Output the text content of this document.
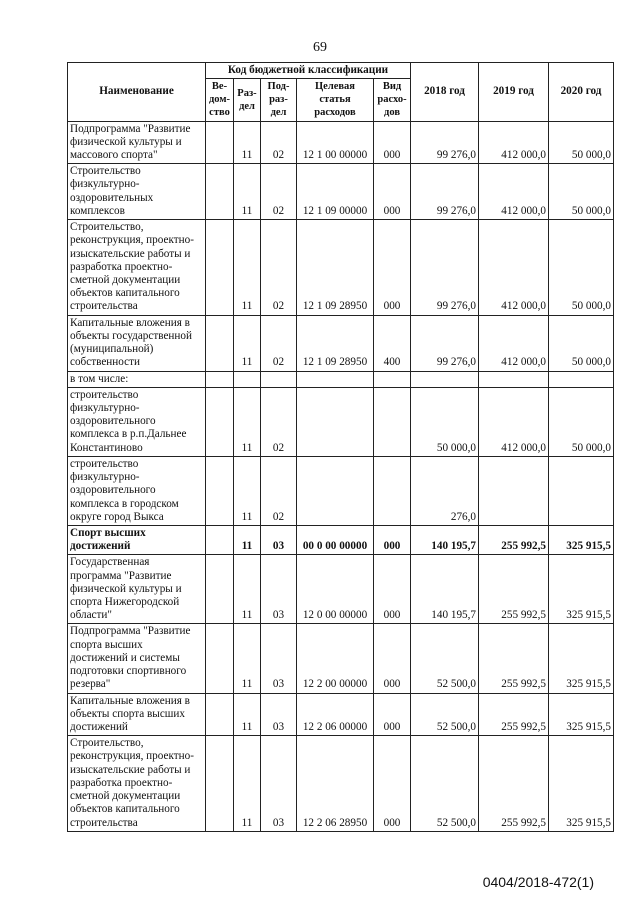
69
Наименование	Код бюджетной классификации					2018 год	2019 год	2020 год
	Ве-дом-ство	Раз-дел	Под-раз-дел	Целевая статья расходов	Вид расхо-дов			
Подпрограмма "Развитие физической культуры и массового спорта"		11	02	12 1 00 00000	000	99 276,0	412 000,0	50 000,0
Строительство физкультурно-оздоровительных комплексов		11	02	12 1 09 00000	000	99 276,0	412 000,0	50 000,0
Строительство, реконструкция, проектно-изыскательские работы и разработка проектно-сметной документации объектов капитального строительства		11	02	12 1 09 28950	000	99 276,0	412 000,0	50 000,0
Капитальные вложения в объекты государственной (муниципальной) собственности		11	02	12 1 09 28950	400	99 276,0	412 000,0	50 000,0
в том числе:								
строительство физкультурно-оздоровительного комплекса в р.п.Дальнее Константиново		11	02			50 000,0	412 000,0	50 000,0
строительство физкультурно-оздоровительного комплекса в городском округе город Выкса		11	02			276,0		
Спорт высших достижений		11	03	00 0 00 00000	000	140 195,7	255 992,5	325 915,5
Государственная программа "Развитие физической культуры и спорта Нижегородской области"		11	03	12 0 00 00000	000	140 195,7	255 992,5	325 915,5
Подпрограмма "Развитие спорта высших достижений и системы подготовки спортивного резерва"		11	03	12 2 00 00000	000	52 500,0	255 992,5	325 915,5
Капитальные вложения в объекты спорта высших достижений		11	03	12 2 06 00000	000	52 500,0	255 992,5	325 915,5
Строительство, реконструкция, проектно-изыскательские работы и разработка проектно-сметной документации объектов капитального строительства		11	03	12 2 06 28950	000	52 500,0	255 992,5	325 915,5
0404/2018-472(1)
